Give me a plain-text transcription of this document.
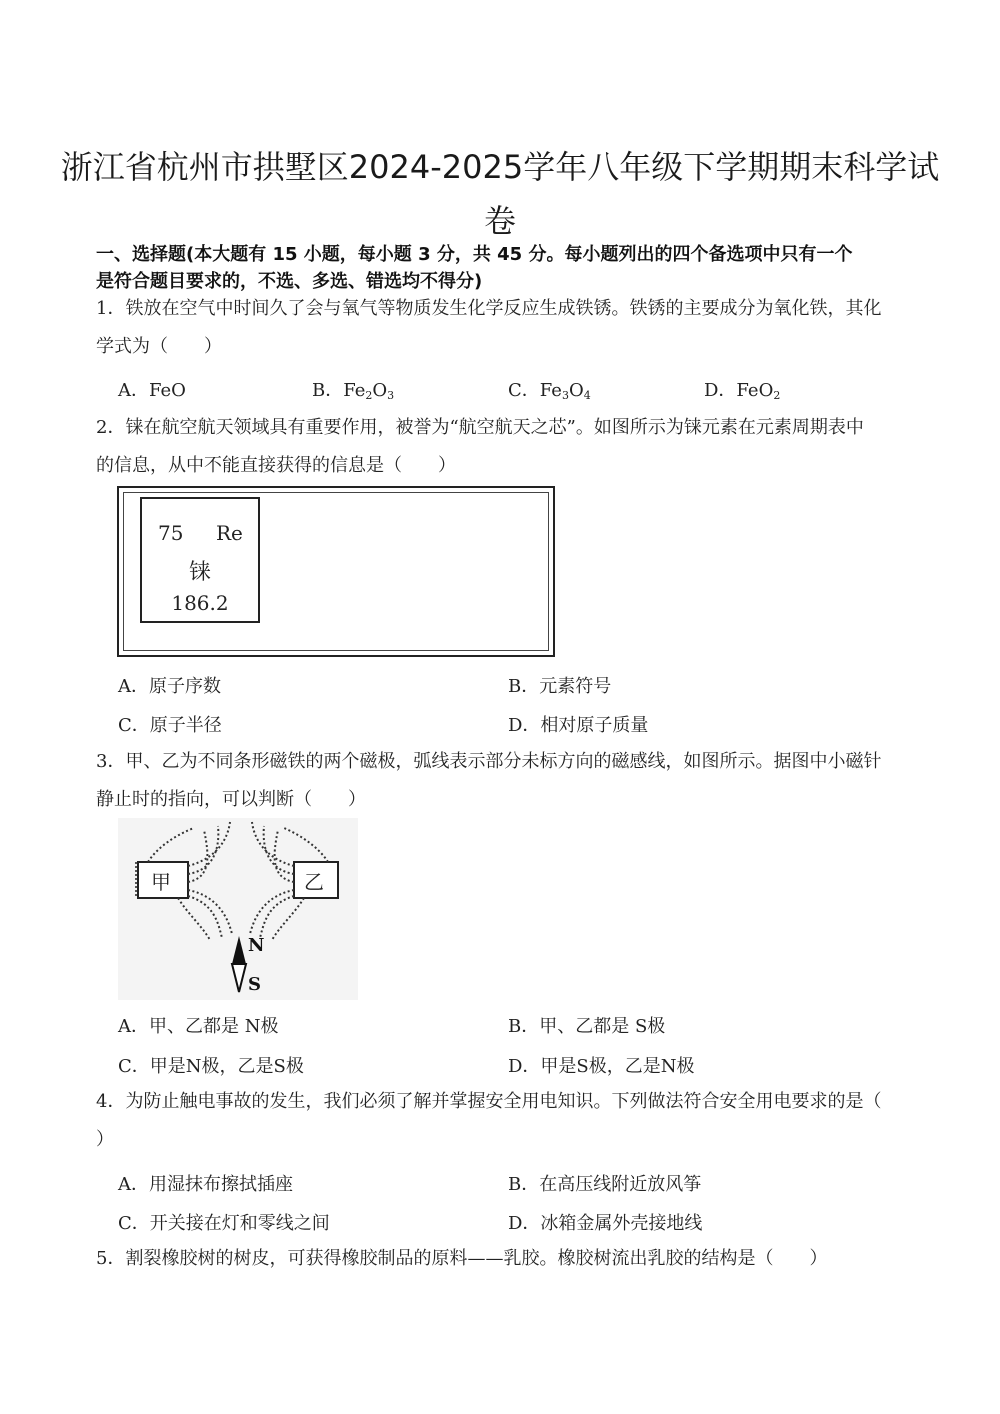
浙江省杭州市拱墅区2024-2025学年八年级下学期期末科学试
卷
一、选择题(本大题有 15 小题，每小题 3 分，共 45 分。每小题列出的四个备选项中只有一个
是符合题目要求的，不选、多选、错选均不得分)
1．铁放在空气中时间久了会与氧气等物质发生化学反应生成铁锈。铁锈的主要成分为氧化铁，其化
学式为（　　）
A．FeO	B．$Fe_2O_3$	C．$Fe_3O_4$	D．FeO$_2$
2．铼在航空航天领域具有重要作用，被誉为“航空航天之芯”。如图所示为铼元素在元素周期表中
的信息，从中不能直接获得的信息是（　　）
75 Re
铼
186.2
A．原子序数	B．元素符号
C．原子半径	D．相对原子质量
3．甲、乙为不同条形磁铁的两个磁极，弧线表示部分未标方向的磁感线，如图所示。据图中小磁针
静止时的指向，可以判断（　　）
甲	乙
N
S
A．甲、乙都是 N极	B．甲、乙都是 S极
C．甲是N极，乙是S极	D．甲是S极，乙是N极
4．为防止触电事故的发生，我们必须了解并掌握安全用电知识。下列做法符合安全用电要求的是（
）
A．用湿抹布擦拭插座	B．在高压线附近放风筝
C．开关接在灯和零线之间	D．冰箱金属外壳接地线
5．割裂橡胶树的树皮，可获得橡胶制品的原料——乳胶。橡胶树流出乳胶的结构是（　　）
